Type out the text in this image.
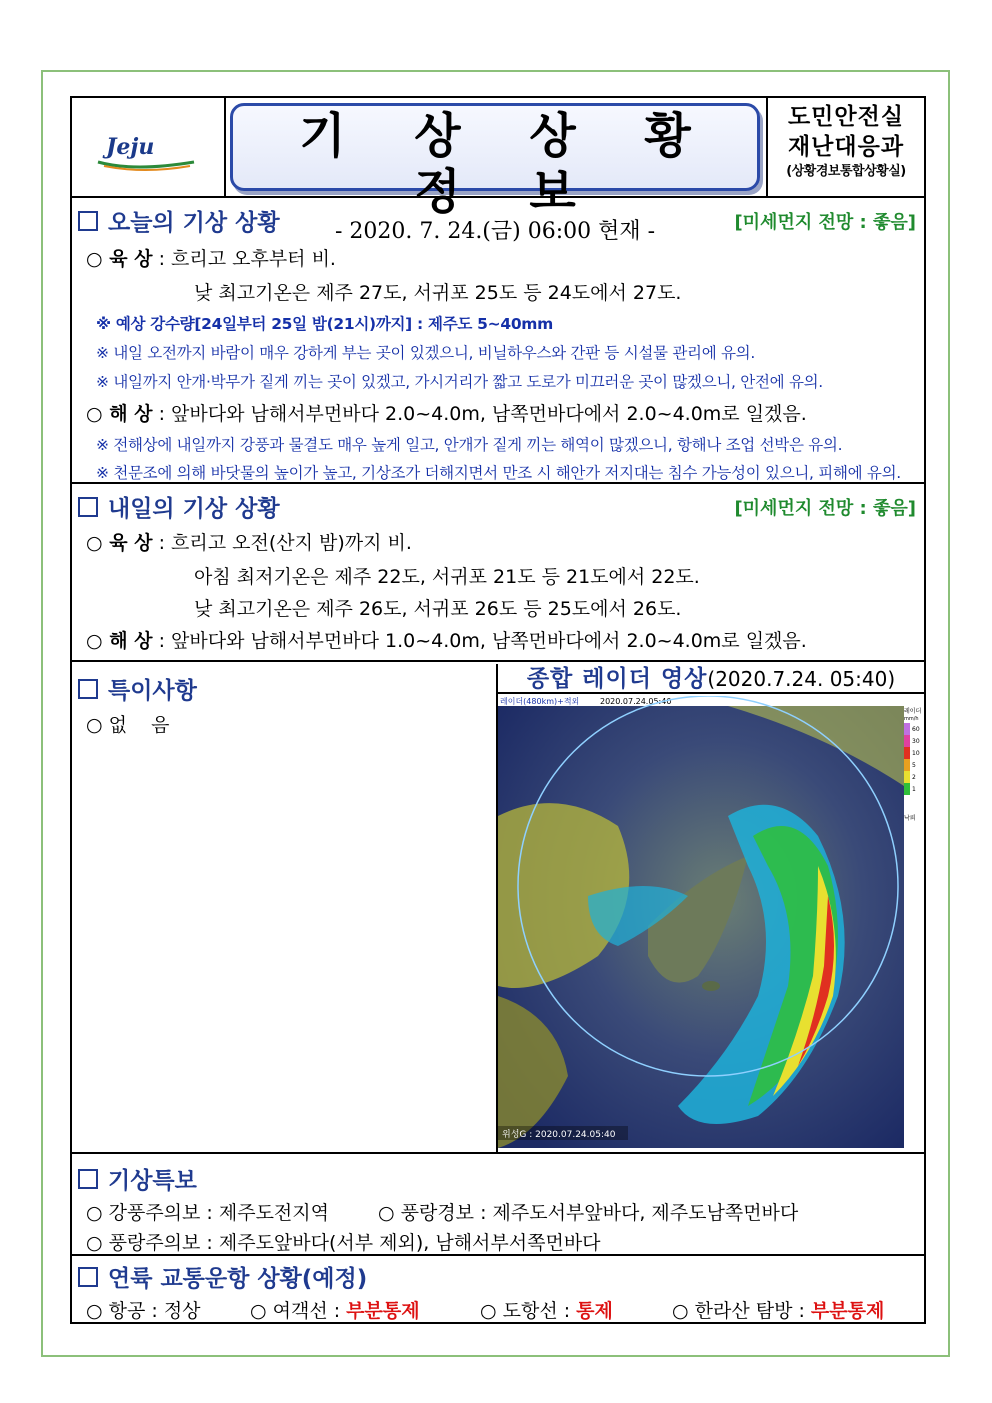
Jeju	기 상 상 황 정 보
- 2020. 7. 24.(금) 06:00 현재 -
도민안전실
재난대응과
(상황경보통합상황실)
오늘의 기상 상황	[미세먼지 전망 : 좋음]
○ 육 상 : 흐리고 오후부터 비.
낮 최고기온은 제주 27도, 서귀포 25도 등 24도에서 27도.
※ 예상 강수량[24일부터 25일 밤(21시)까지] : 제주도 5~40mm
※ 내일 오전까지 바람이 매우 강하게 부는 곳이 있겠으니, 비닐하우스와 간판 등 시설물 관리에 유의.
※ 내일까지 안개·박무가 짙게 끼는 곳이 있겠고, 가시거리가 짧고 도로가 미끄러운 곳이 많겠으니, 안전에 유의.
○ 해 상 : 앞바다와 남해서부먼바다 2.0~4.0m, 남쪽먼바다에서 2.0~4.0m로 일겠음.
※ 전해상에 내일까지 강풍과 물결도 매우 높게 일고, 안개가 짙게 끼는 해역이 많겠으니, 항해나 조업 선박은 유의.
※ 천문조에 의해 바닷물의 높이가 높고, 기상조가 더해지면서 만조 시 해안가 저지대는 침수 가능성이 있으니, 피해에 유의.
내일의 기상 상황	[미세먼지 전망 : 좋음]
○ 육 상 : 흐리고 오전(산지 밤)까지 비.
아침 최저기온은 제주 22도, 서귀포 21도 등 21도에서 22도.
낮 최고기온은 제주 26도, 서귀포 26도 등 25도에서 26도.
○ 해 상 : 앞바다와 남해서부먼바다 1.0~4.0m, 남쪽먼바다에서 2.0~4.0m로 일겠음.
특이사항
○ 없    음
종합 레이더 영상(2020.7.24. 05:40)
레이더(480km)+적외	2020.07.24.05:40
위성G : 2020.07.24.05:40
레이더
mm/h
60
30
10
5
2
1
낙뢰
기상특보
○ 강풍주의보 : 제주도전지역	○ 풍랑경보 : 제주도서부앞바다, 제주도남쪽먼바다
○ 풍랑주의보 : 제주도앞바다(서부 제외), 남해서부서쪽먼바다
연륙 교통운항 상황(예정)
○ 항공 : 정상	○ 여객선 : 부분통제	○ 도항선 : 통제	○ 한라산 탐방 : 부분통제
